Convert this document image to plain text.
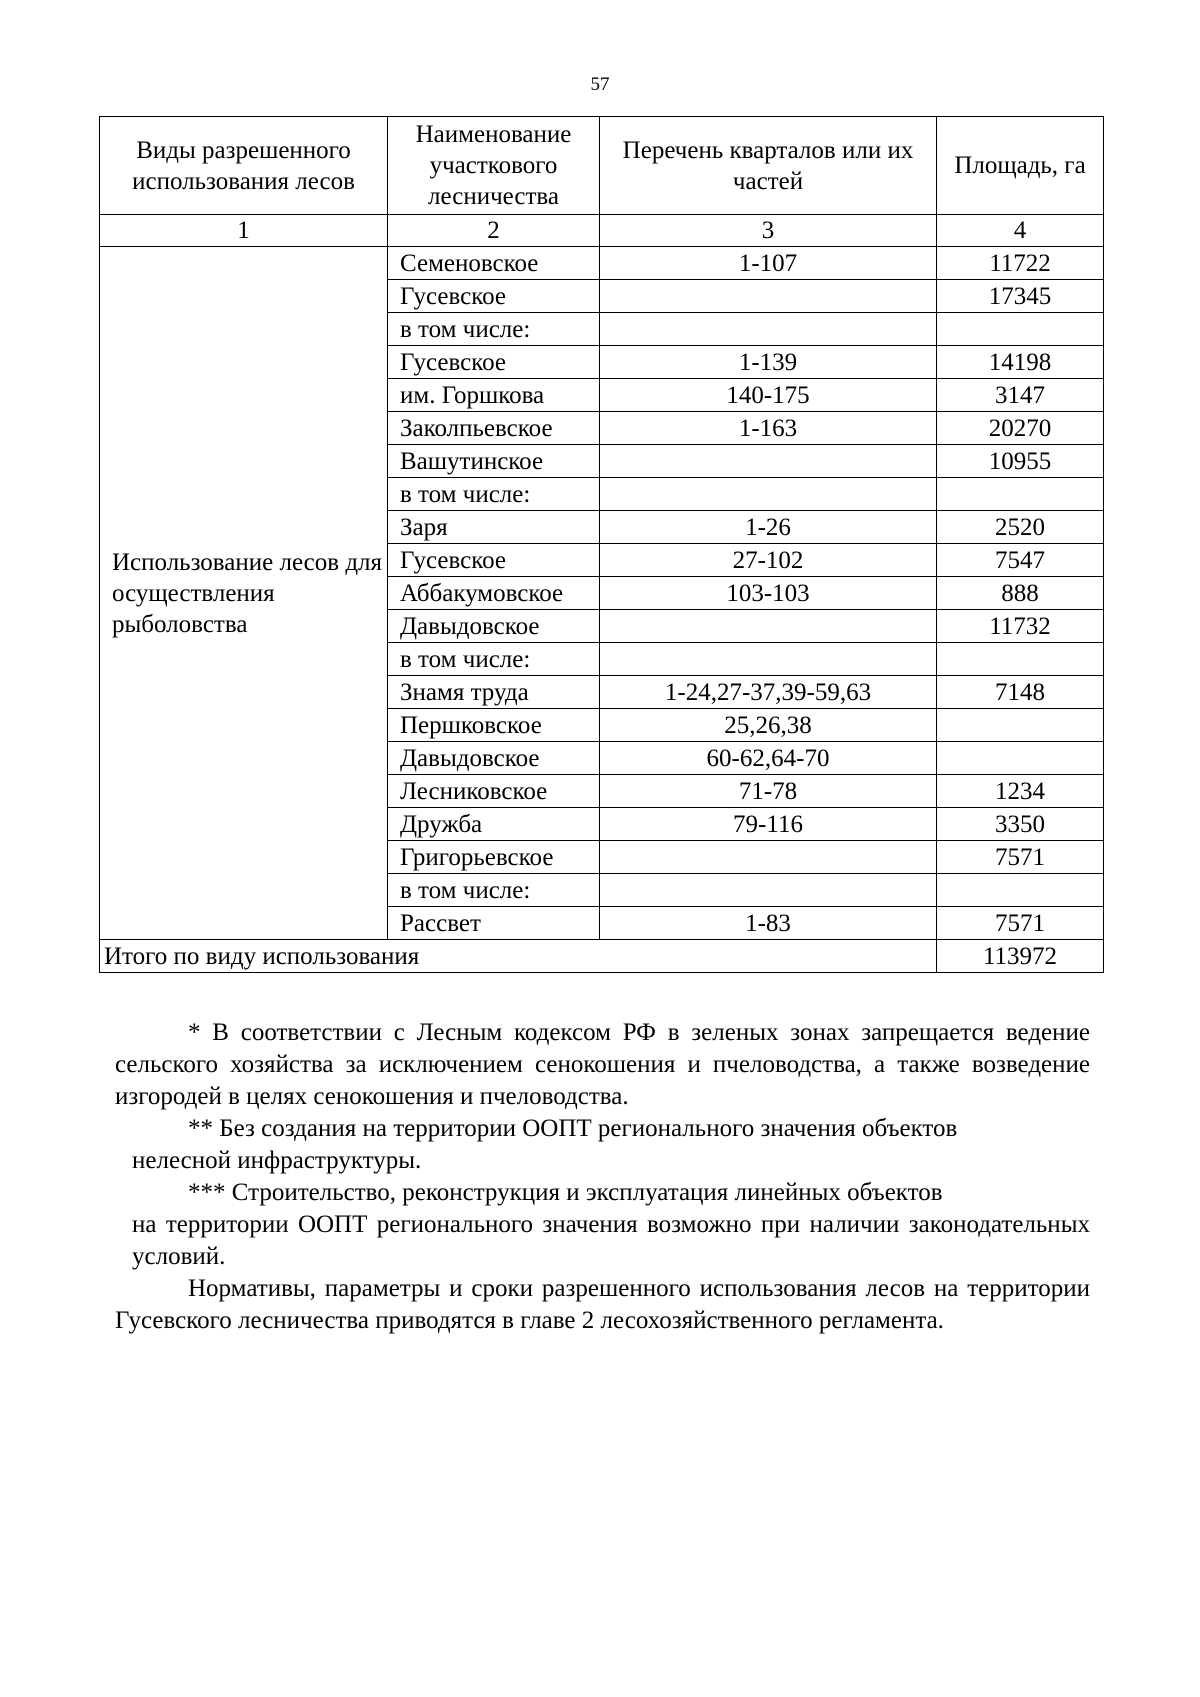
57
Виды разрешенного использования лесов	Наименование участкового лесничества	Перечень кварталов или их частей	Площадь, га
1	2	3	4
Использование лесов для осуществления рыболовства	Семеновское	1-107	11722
	Гусевское		17345
	в том числе:		
	Гусевское	1-139	14198
	им. Горшкова	140-175	3147
	Заколпьевское	1-163	20270
	Вашутинское		10955
	в том числе:		
	Заря	1-26	2520
	Гусевское	27-102	7547
	Аббакумовское	103-103	888
	Давыдовское		11732
	в том числе:		
	Знамя труда	1-24,27-37,39-59,63	7148
	Першковское	25,26,38	
	Давыдовское	60-62,64-70	
	Лесниковское	71-78	1234
	Дружба	79-116	3350
	Григорьевское		7571
	в том числе:		
	Рассвет	1-83	7571
Итого по виду использования			113972

* В соответствии с Лесным кодексом РФ в зеленых зонах запрещается ведение сельского хозяйства за исключением сенокошения и пчеловодства, а также возведение изгородей в целях сенокошения и пчеловодства.

** Без создания на территории ООПТ регионального значения объектов

нелесной инфраструктуры.

*** Строительство, реконструкция и эксплуатация линейных объектов

на территории ООПТ регионального значения возможно при наличии законодательных условий.

Нормативы, параметры и сроки разрешенного использования лесов на территории Гусевского лесничества приводятся в главе 2 лесохозяйственного регламента.
